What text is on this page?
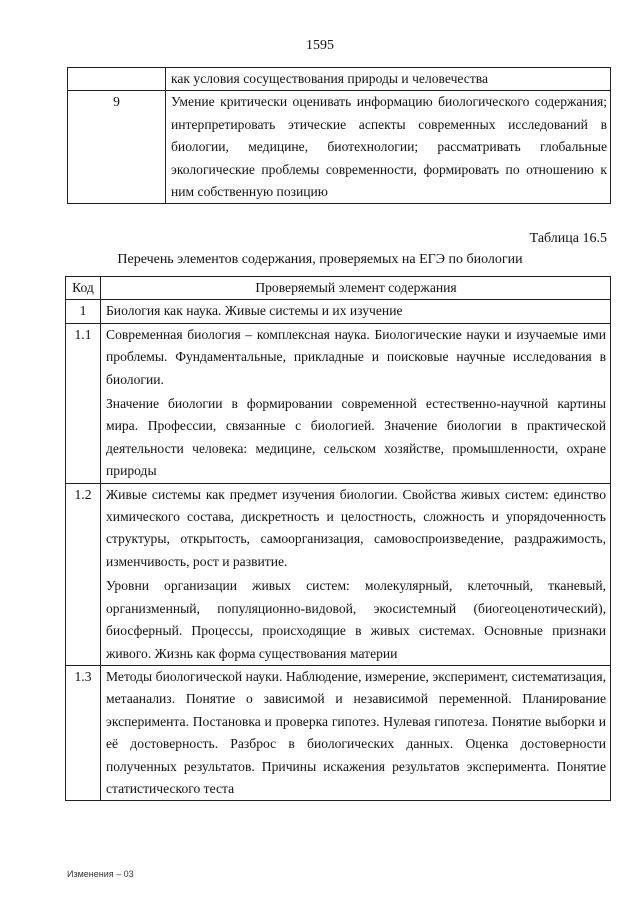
1595
	как условия сосуществования природы и человечества
9	Умение критически оценивать информацию биологического содержания; интерпретировать этические аспекты современных исследований в биологии, медицине, биотехнологии; рассматривать глобальные экологические проблемы современности, формировать по отношению к ним собственную позицию
Таблица 16.5
Перечень элементов содержания, проверяемых на ЕГЭ по биологии
Код	Проверяемый элемент содержания
1	Биология как наука. Живые системы и их изучение

1.1	Современная биология – комплексная наука. Биологические науки и изучаемые ими проблемы. Фундаментальные, прикладные и поисковые научные исследования в биологии.

Значение биологии в формировании современной естественно-научной картины мира. Профессии, связанные с биологией. Значение биологии в практической деятельности человека: медицине, сельском хозяйстве, промышленности, охране природы

1.2	Живые системы как предмет изучения биологии. Свойства живых систем: единство химического состава, дискретность и целостность, сложность и упорядоченность структуры, открытость, самоорганизация, самовоспроизведение, раздражимость, изменчивость, рост и развитие.

Уровни организации живых систем: молекулярный, клеточный, тканевый, организменный, популяционно-видовой, экосистемный (биогеоценотический), биосферный. Процессы, происходящие в живых системах. Основные признаки живого. Жизнь как форма существования материи

1.3	Методы биологической науки. Наблюдение, измерение, эксперимент, систематизация, метаанализ. Понятие о зависимой и независимой переменной. Планирование эксперимента. Постановка и проверка гипотез. Нулевая гипотеза. Понятие выборки и её достоверность. Разброс в биологических данных. Оценка достоверности полученных результатов. Причины искажения результатов эксперимента. Понятие статистического теста

Изменения – 03
